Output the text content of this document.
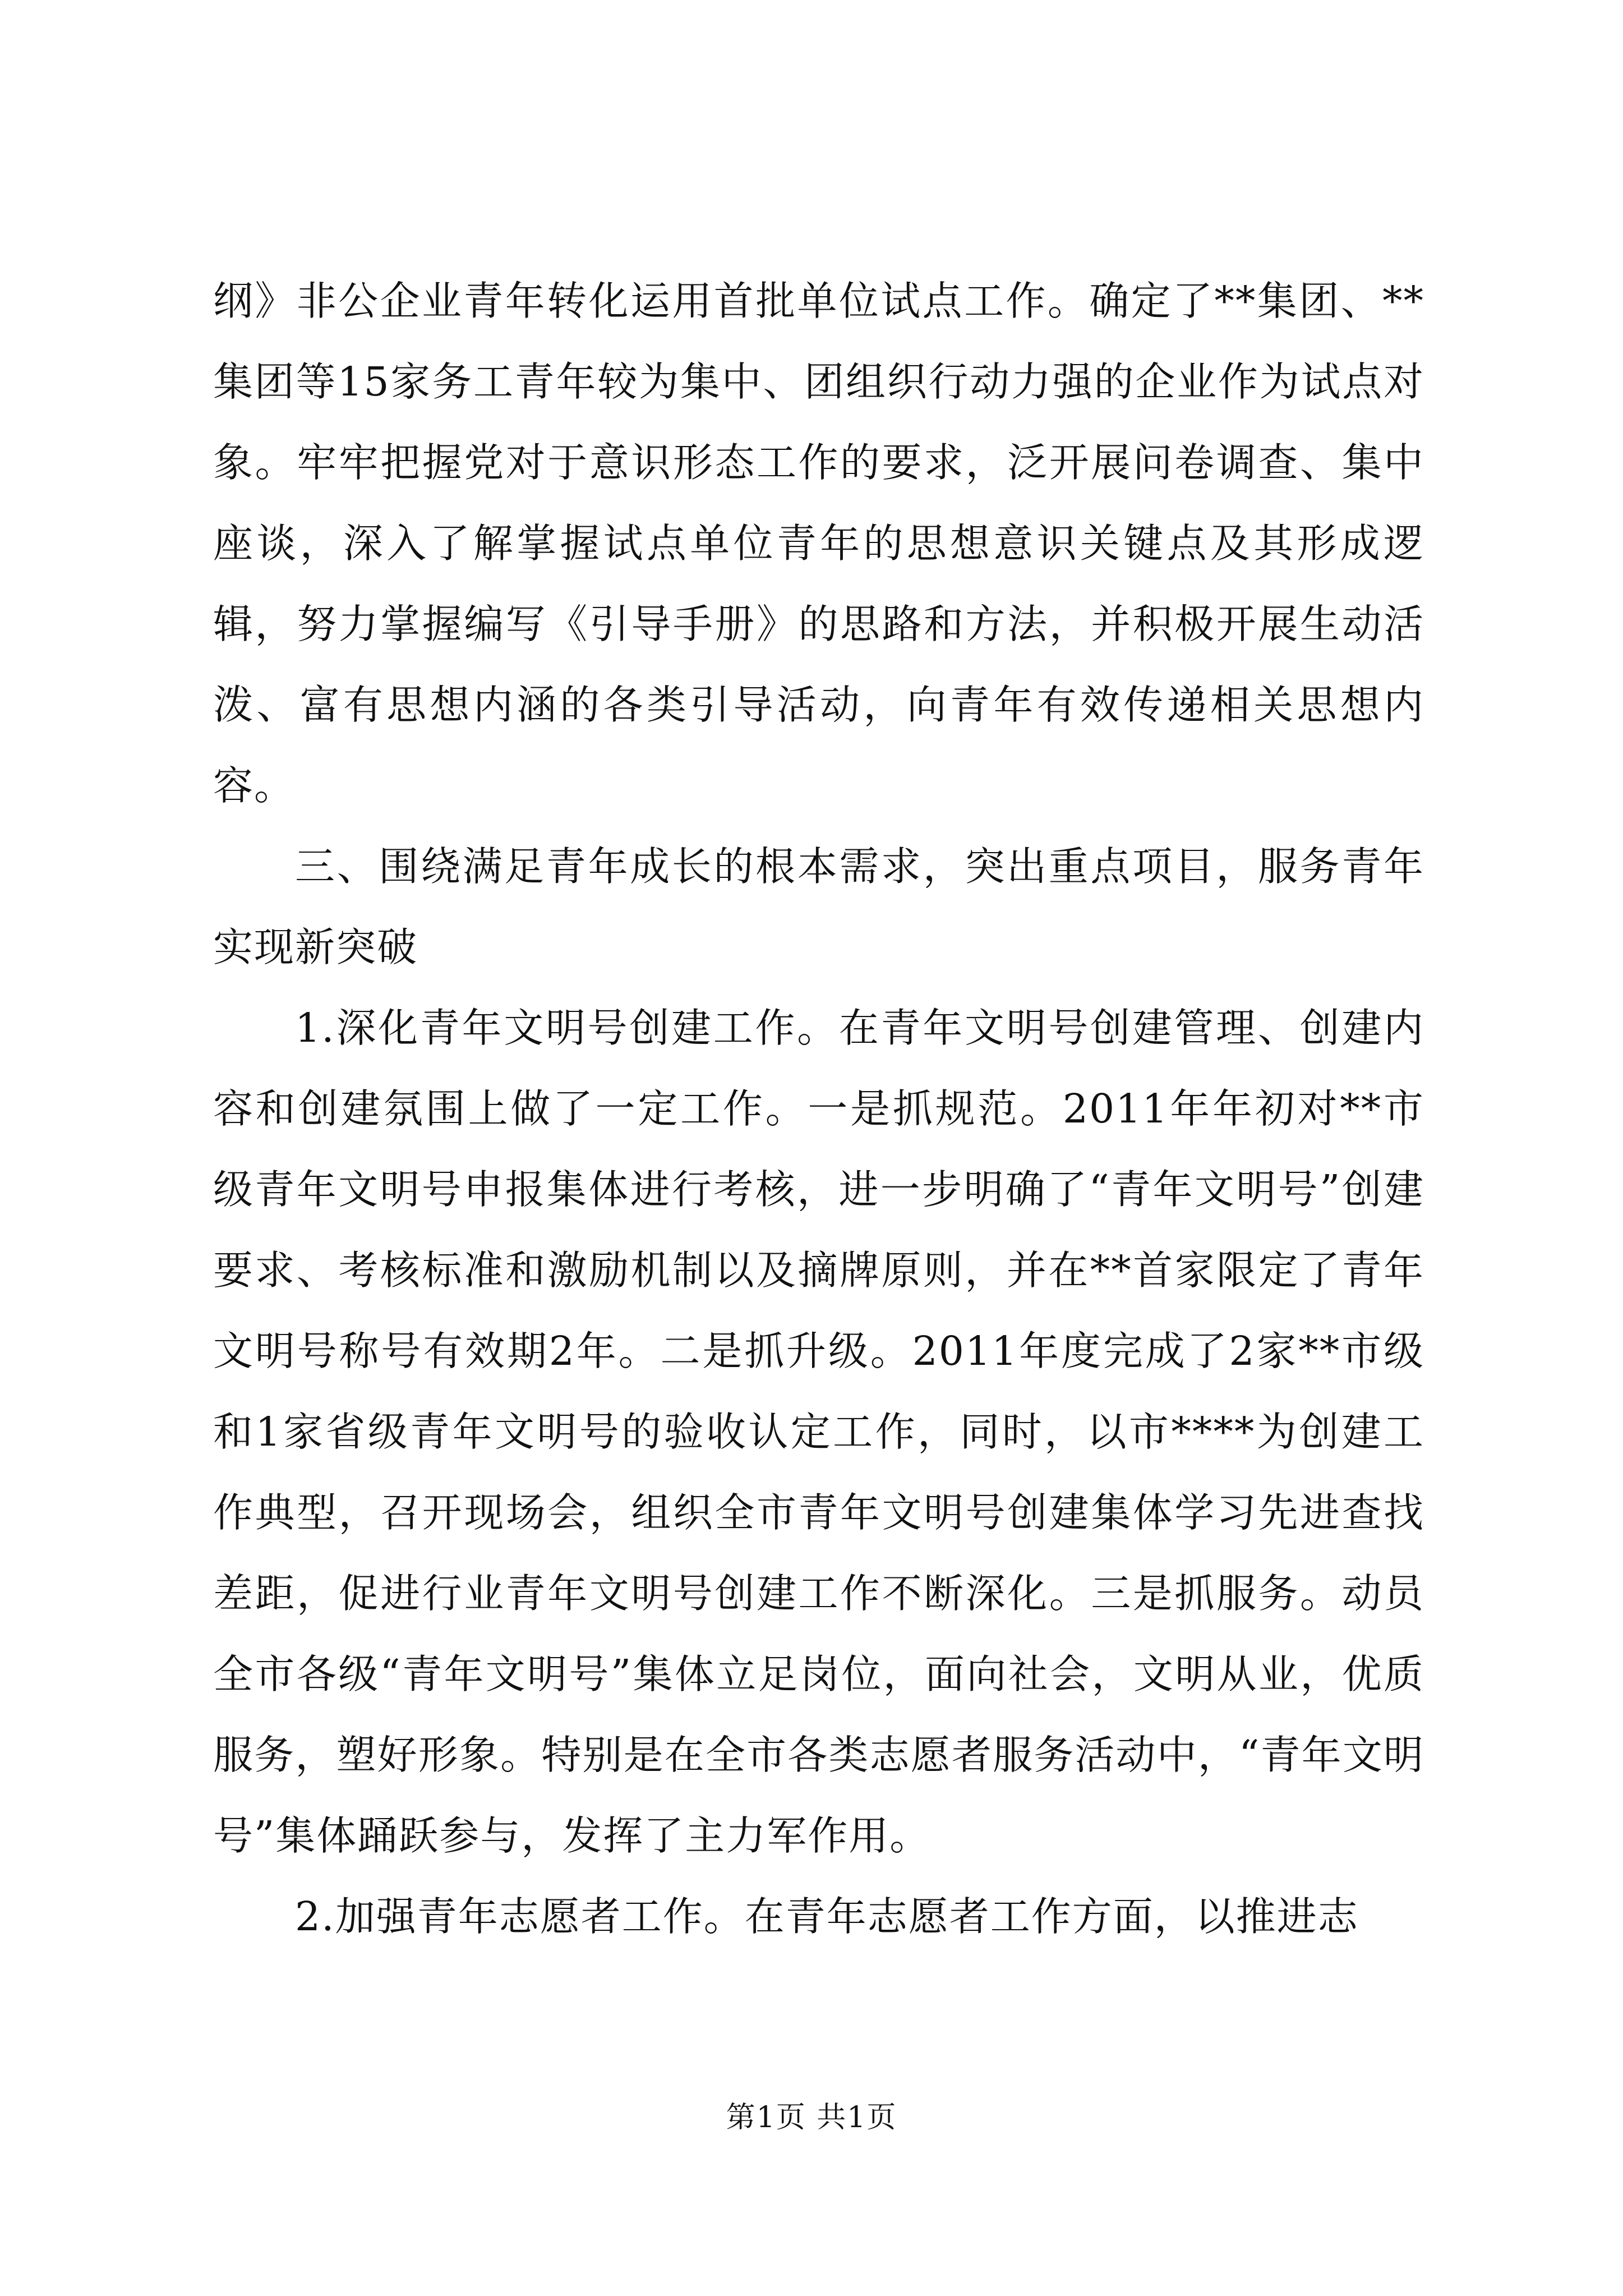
纲》非公企业青年转化运用首批单位试点工作。确定了**集团、**集团等15家务工青年较为集中、团组织行动力强的企业作为试点对象。牢牢把握党对于意识形态工作的要求，泛开展问卷调查、集中座谈，深入了解掌握试点单位青年的思想意识关键点及其形成逻辑，努力掌握编写《引导手册》的思路和方法，并积极开展生动活泼、富有思想内涵的各类引导活动，向青年有效传递相关思想内容。

三、围绕满足青年成长的根本需求，突出重点项目，服务青年实现新突破

1.深化青年文明号创建工作。在青年文明号创建管理、创建内容和创建氛围上做了一定工作。一是抓规范。2011年年初对**市级青年文明号申报集体进行考核，进一步明确了“青年文明号”创建要求、考核标准和激励机制以及摘牌原则，并在**首家限定了青年文明号称号有效期2年。二是抓升级。2011年度完成了2家**市级和1家省级青年文明号的验收认定工作，同时，以市****为创建工作典型，召开现场会，组织全市青年文明号创建集体学习先进查找差距，促进行业青年文明号创建工作不断深化。三是抓服务。动员全市各级“青年文明号”集体立足岗位，面向社会，文明从业，优质服务，塑好形象。特别是在全市各类志愿者服务活动中，“青年文明号”集体踊跃参与，发挥了主力军作用。

2.加强青年志愿者工作。在青年志愿者工作方面，以推进志

第1页 共1页
